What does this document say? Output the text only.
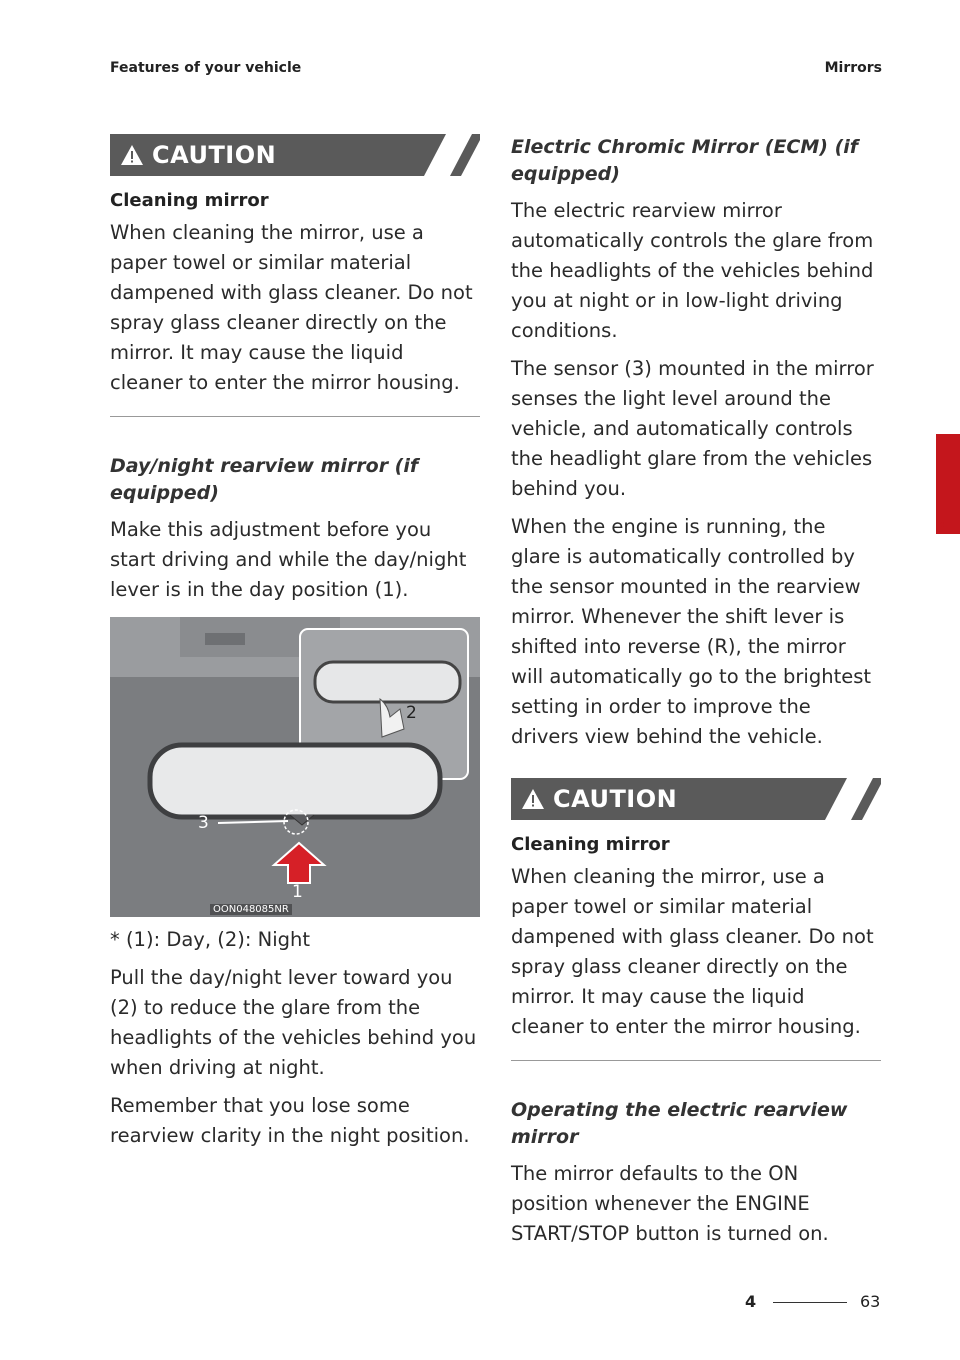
Features of your vehicle	Mirrors
CAUTION
Cleaning mirror

When cleaning the mirror, use a paper towel or similar material dampened with glass cleaner. Do not spray glass cleaner directly on the mirror. It may cause the liquid cleaner to enter the mirror housing.

Day/night rearview mirror (if equipped)

Make this adjustment before you start driving and while the day/night lever is in the day position (1).

2
3
1
OON048085NR

* (1): Day, (2): Night

Pull the day/night lever toward you (2) to reduce the glare from the headlights of the vehicles behind you when driving at night.

Remember that you lose some rearview clarity in the night position.

Electric Chromic Mirror (ECM) (if equipped)

The electric rearview mirror automatically controls the glare from the headlights of the vehicles behind you at night or in low-light driving conditions.

The sensor (3) mounted in the mirror senses the light level around the vehicle, and automatically controls the headlight glare from the vehicles behind you.

When the engine is running, the glare is automatically controlled by the sensor mounted in the rearview mirror. Whenever the shift lever is shifted into reverse (R), the mirror will automatically go to the brightest setting in order to improve the drivers view behind the vehicle.

CAUTION
Cleaning mirror

When cleaning the mirror, use a paper towel or similar material dampened with glass cleaner. Do not spray glass cleaner directly on the mirror. It may cause the liquid cleaner to enter the mirror housing.

Operating the electric rearview mirror

The mirror defaults to the ON position whenever the ENGINE START/STOP button is turned on.

4
4	63
